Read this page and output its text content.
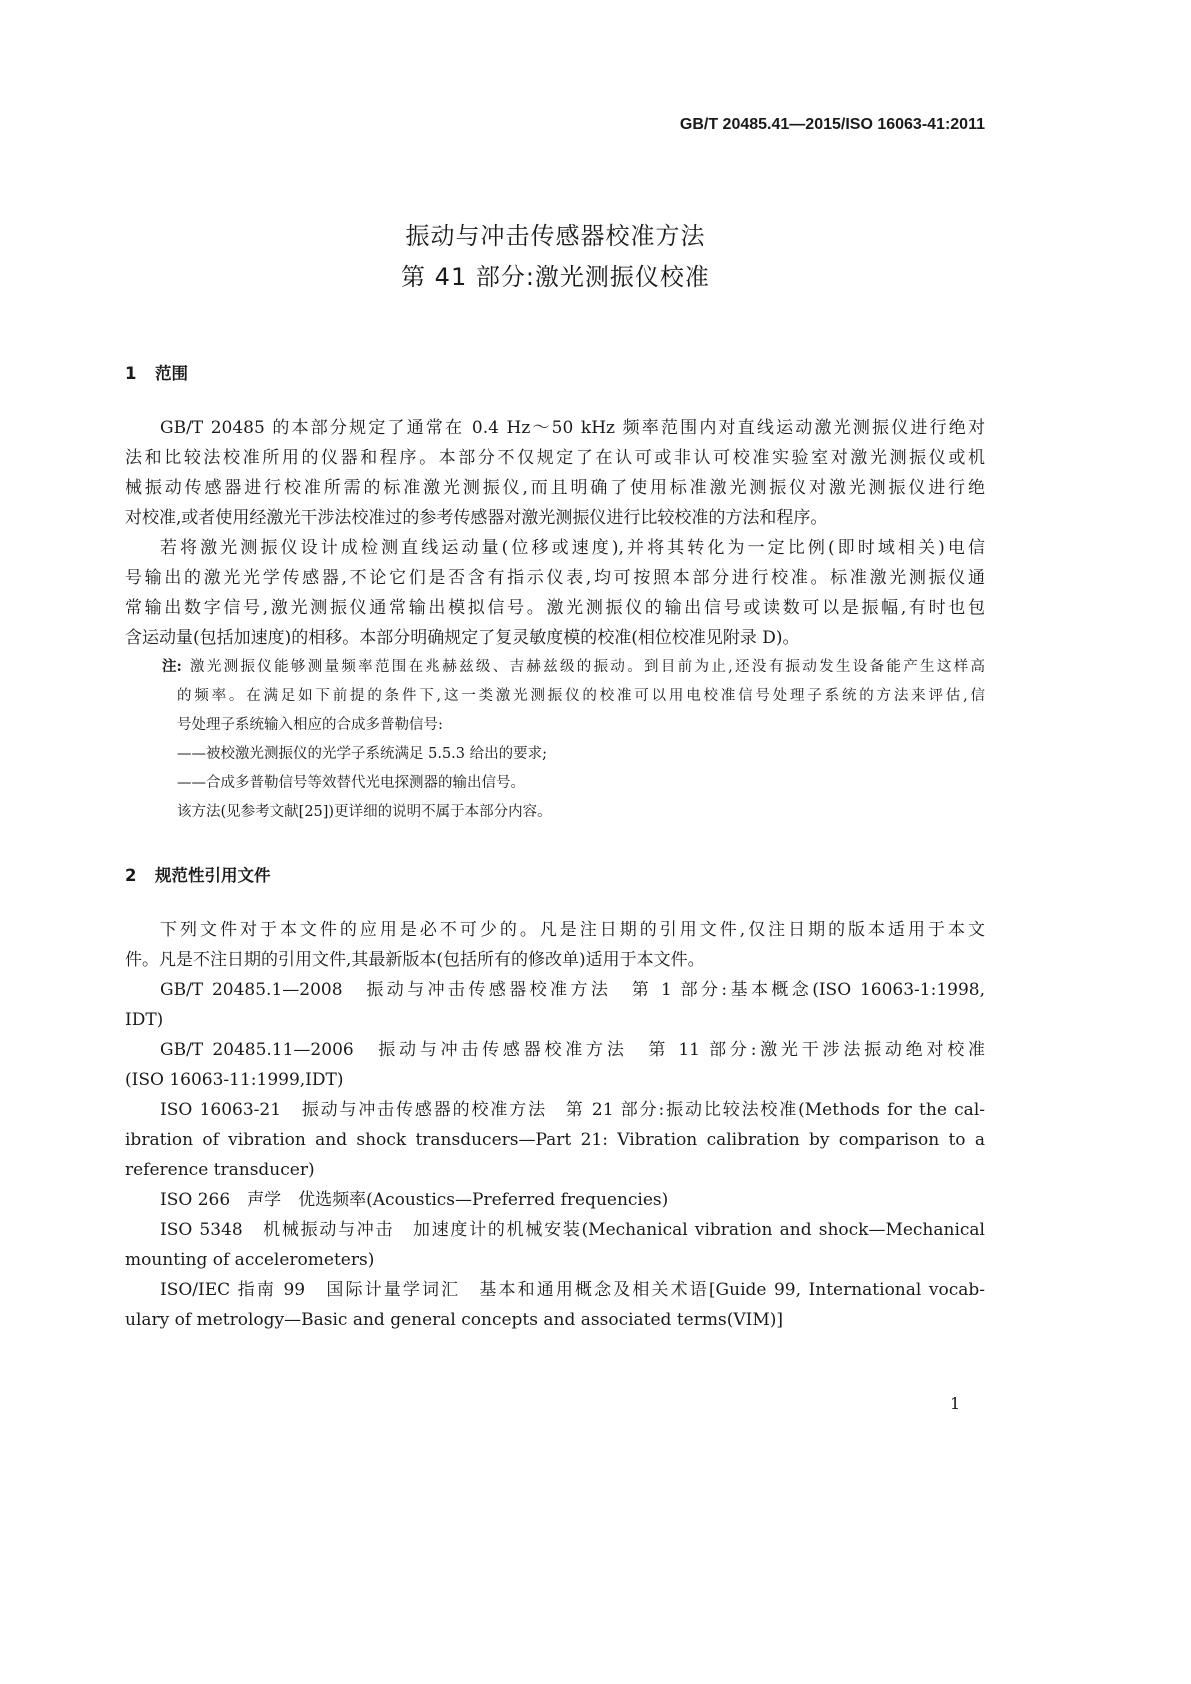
GB/T 20485.41—2015/ISO 16063-41:2011
振动与冲击传感器校准方法
第 41 部分:激光测振仪校准
1 范围
GB/T 20485 的本部分规定了通常在 0.4 Hz～50 kHz 频率范围内对直线运动激光测振仪进行绝对
法和比较法校准所用的仪器和程序。本部分不仅规定了在认可或非认可校准实验室对激光测振仪或机
械振动传感器进行校准所需的标准激光测振仪,而且明确了使用标准激光测振仪对激光测振仪进行绝
对校准,或者使用经激光干涉法校准过的参考传感器对激光测振仪进行比较校准的方法和程序。
若将激光测振仪设计成检测直线运动量(位移或速度),并将其转化为一定比例(即时域相关)电信
号输出的激光光学传感器,不论它们是否含有指示仪表,均可按照本部分进行校准。标准激光测振仪通
常输出数字信号,激光测振仪通常输出模拟信号。激光测振仪的输出信号或读数可以是振幅,有时也包
含运动量(包括加速度)的相移。本部分明确规定了复灵敏度模的校准(相位校准见附录 D)。
注: 激光测振仪能够测量频率范围在兆赫兹级、吉赫兹级的振动。到目前为止,还没有振动发生设备能产生这样高
的频率。在满足如下前提的条件下,这一类激光测振仪的校准可以用电校准信号处理子系统的方法来评估,信
号处理子系统输入相应的合成多普勒信号:
——被校激光测振仪的光学子系统满足 5.5.3 给出的要求;
——合成多普勒信号等效替代光电探测器的输出信号。
该方法(见参考文献[25])更详细的说明不属于本部分内容。
2 规范性引用文件
下列文件对于本文件的应用是必不可少的。凡是注日期的引用文件,仅注日期的版本适用于本文
件。凡是不注日期的引用文件,其最新版本(包括所有的修改单)适用于本文件。
GB/T 20485.1—2008　振动与冲击传感器校准方法　第 1 部分:基本概念(ISO 16063-1:1998,
IDT)
GB/T 20485.11—2006　振动与冲击传感器校准方法　第 11 部分:激光干涉法振动绝对校准
(ISO 16063-11:1999,IDT)
ISO 16063-21　振动与冲击传感器的校准方法　第 21 部分:振动比较法校准(Methods for the cal-
ibration of vibration and shock transducers—Part 21: Vibration calibration by comparison to a
reference transducer)
ISO 266　声学　优选频率(Acoustics—Preferred frequencies)
ISO 5348　机械振动与冲击　加速度计的机械安装(Mechanical vibration and shock—Mechanical
mounting of accelerometers)
ISO/IEC 指南 99　国际计量学词汇　基本和通用概念及相关术语[Guide 99, International vocab-
ulary of metrology—Basic and general concepts and associated terms(VIM)]
1
